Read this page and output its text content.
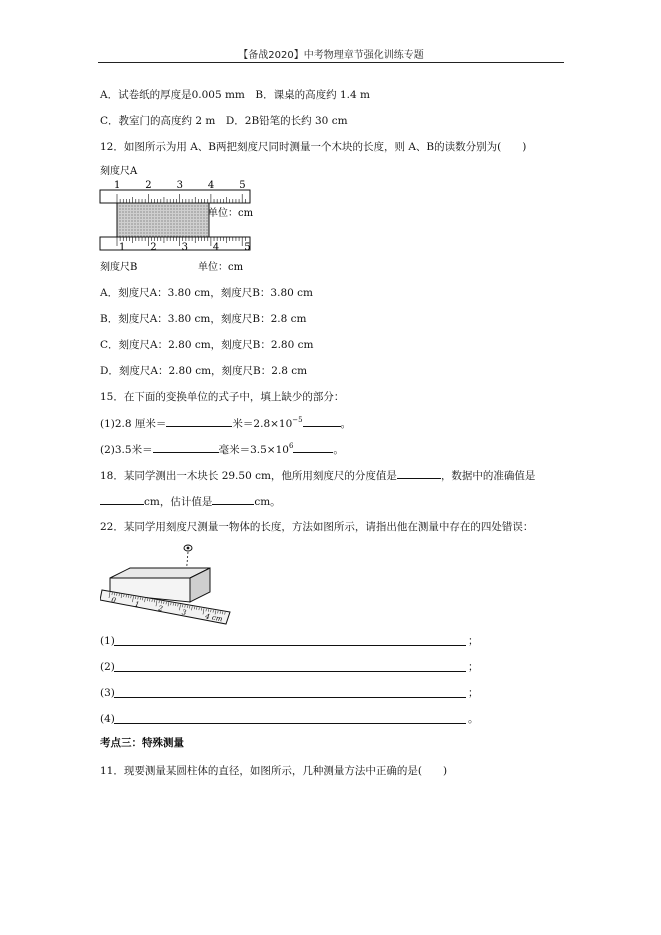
【备战2020】中考物理章节强化训练专题
A．试卷纸的厚度是0.005 mm　B．课桌的高度约 1.4 m
C．教室门的高度约 2 m　D．2B铅笔的长约 30 cm
12．如图所示为用 A、B两把刻度尺同时测量一个木块的长度，则 A、B的读数分别为(　　)
刻度尺A
1 2 3 4 5
单位：cm
1 2 3 4 5
刻度尺B	单位：cm
A．刻度尺A：3.80 cm，刻度尺B：3.80 cm
B．刻度尺A：3.80 cm，刻度尺B：2.8 cm
C．刻度尺A：2.80 cm，刻度尺B：2.80 cm
D．刻度尺A：2.80 cm，刻度尺B：2.8 cm
15．在下面的变换单位的式子中，填上缺少的部分：
(1)2.8 厘米＝	米$=2.8\times 10^{-5}$	。
(2)3.5米＝	毫米$=3.5\times 10^6$	。
18．某同学测出一木块长 29.50 cm，他所用刻度尺的分度值是	，数据中的准确值是
cm，估计值是	cm。
22．某同学用刻度尺测量一物体的长度，方法如图所示，请指出他在测量中存在的四处错误：
0	1	2	3	4 cm
(1)	；
(2)	；
(3)	；
(4)	。
考点三：特殊测量
11．现要测量某圆柱体的直径，如图所示，几种测量方法中正确的是(　　)
